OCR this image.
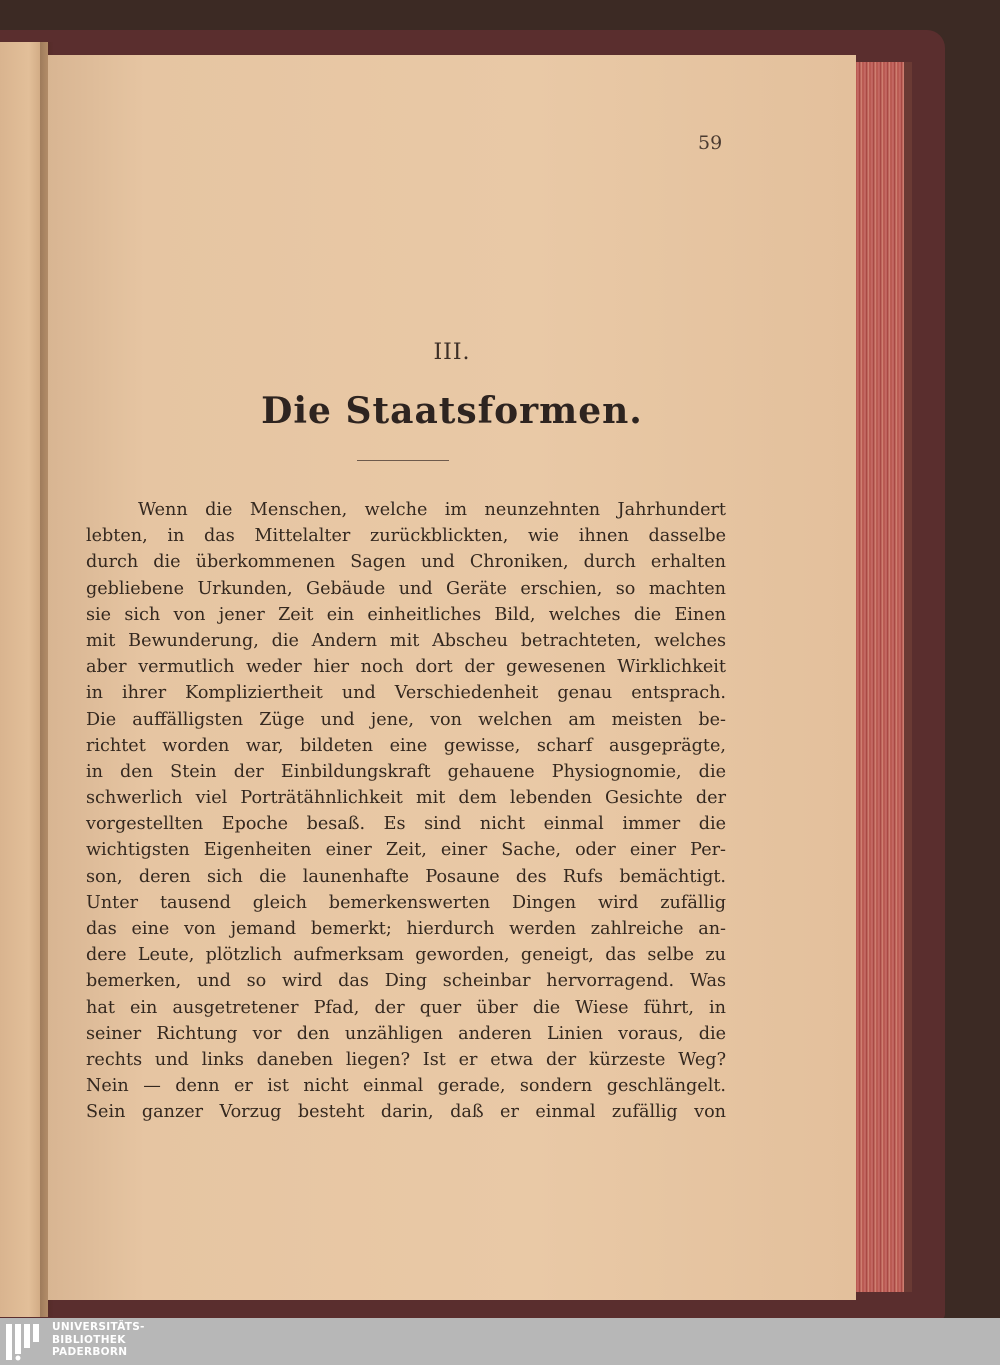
59
III.
Die Staatsformen.
Wenn die Menschen, welche im neunzehnten Jahrhundert
lebten, in das Mittelalter zurückblickten, wie ihnen dasselbe
durch die überkommenen Sagen und Chroniken, durch erhalten
gebliebene Urkunden, Gebäude und Geräte erschien, so machten
sie sich von jener Zeit ein einheitliches Bild, welches die Einen
mit Bewunderung, die Andern mit Abscheu betrachteten, welches
aber vermutlich weder hier noch dort der gewesenen Wirklichkeit
in ihrer Kompliziertheit und Verschiedenheit genau entsprach.
Die auffälligsten Züge und jene, von welchen am meisten be-
richtet worden war, bildeten eine gewisse, scharf ausgeprägte,
in den Stein der Einbildungskraft gehauene Physiognomie, die
schwerlich viel Porträtähnlichkeit mit dem lebenden Gesichte der
vorgestellten Epoche besaß. Es sind nicht einmal immer die
wichtigsten Eigenheiten einer Zeit, einer Sache, oder einer Per-
son, deren sich die launenhafte Posaune des Rufs bemächtigt.
Unter tausend gleich bemerkenswerten Dingen wird zufällig
das eine von jemand bemerkt; hierdurch werden zahlreiche an-
dere Leute, plötzlich aufmerksam geworden, geneigt, das selbe zu
bemerken, und so wird das Ding scheinbar hervorragend. Was
hat ein ausgetretener Pfad, der quer über die Wiese führt, in
seiner Richtung vor den unzähligen anderen Linien voraus, die
rechts und links daneben liegen? Ist er etwa der kürzeste Weg?
Nein — denn er ist nicht einmal gerade, sondern geschlängelt.
Sein ganzer Vorzug besteht darin, daß er einmal zufällig von
UNIVERSITÄTS-
BIBLIOTHEK
PADERBORN
